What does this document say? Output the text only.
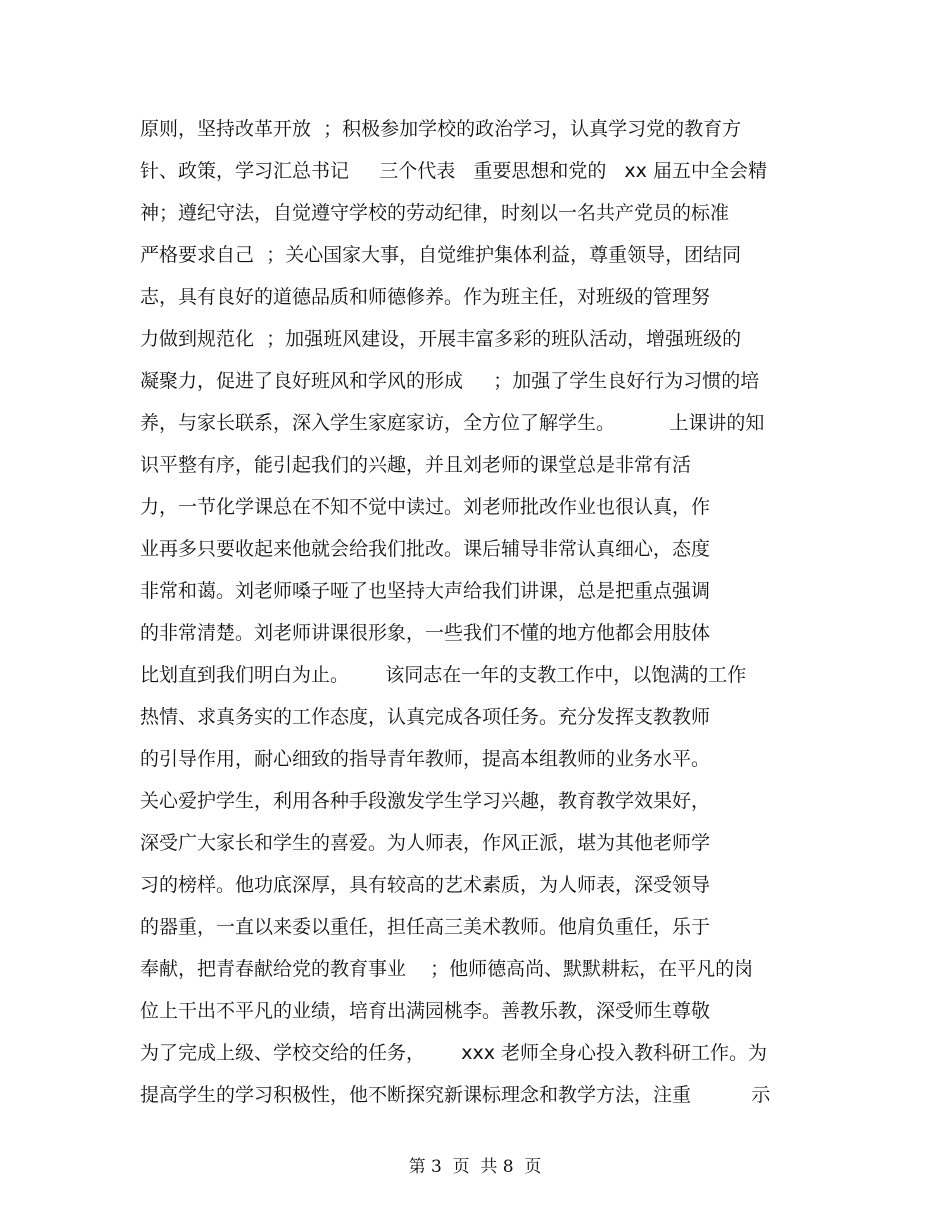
原则，坚持改革开放  ；积极参加学校的政治学习，认真学习党的教育方
针、政策，学习汇总书记     三个代表   重要思想和党的   xx 届五中全会精
神；遵纪守法，自觉遵守学校的劳动纪律，时刻以一名共产党员的标准
严格要求自己  ；关心国家大事，自觉维护集体利益，尊重领导，团结同
志，具有良好的道德品质和师德修养。作为班主任，对班级的管理努
力做到规范化  ；加强班风建设，开展丰富多彩的班队活动，增强班级的
凝聚力，促进了良好班风和学风的形成     ；加强了学生良好行为习惯的培
养，与家长联系，深入学生家庭家访，全方位了解学生。         上课讲的知
识平整有序，能引起我们的兴趣，并且刘老师的课堂总是非常有活
力，一节化学课总在不知不觉中读过。刘老师批改作业也很认真，作
业再多只要收起来他就会给我们批改。课后辅导非常认真细心，态度
非常和蔼。刘老师嗓子哑了也坚持大声给我们讲课，总是把重点强调
的非常清楚。刘老师讲课很形象，一些我们不懂的地方他都会用肢体
比划直到我们明白为止。      该同志在一年的支教工作中，以饱满的工作
热情、求真务实的工作态度，认真完成各项任务。充分发挥支教教师
的引导作用，耐心细致的指导青年教师，提高本组教师的业务水平。
关心爱护学生，利用各种手段激发学生学习兴趣，教育教学效果好，
深受广大家长和学生的喜爱。为人师表，作风正派，堪为其他老师学
习的榜样。他功底深厚，具有较高的艺术素质，为人师表，深受领导
的器重，一直以来委以重任，担任高三美术教师。他肩负重任，乐于
奉献，把青春献给党的教育事业    ；他师德高尚、默默耕耘，在平凡的岗
位上干出不平凡的业绩，培育出满园桃李。善教乐教，深受师生尊敬
为了完成上级、学校交给的任务，      xxx 老师全身心投入教科研工作。为
提高学生的学习积极性，他不断探究新课标理念和教学方法，注重          示
第 3  页  共 8  页
